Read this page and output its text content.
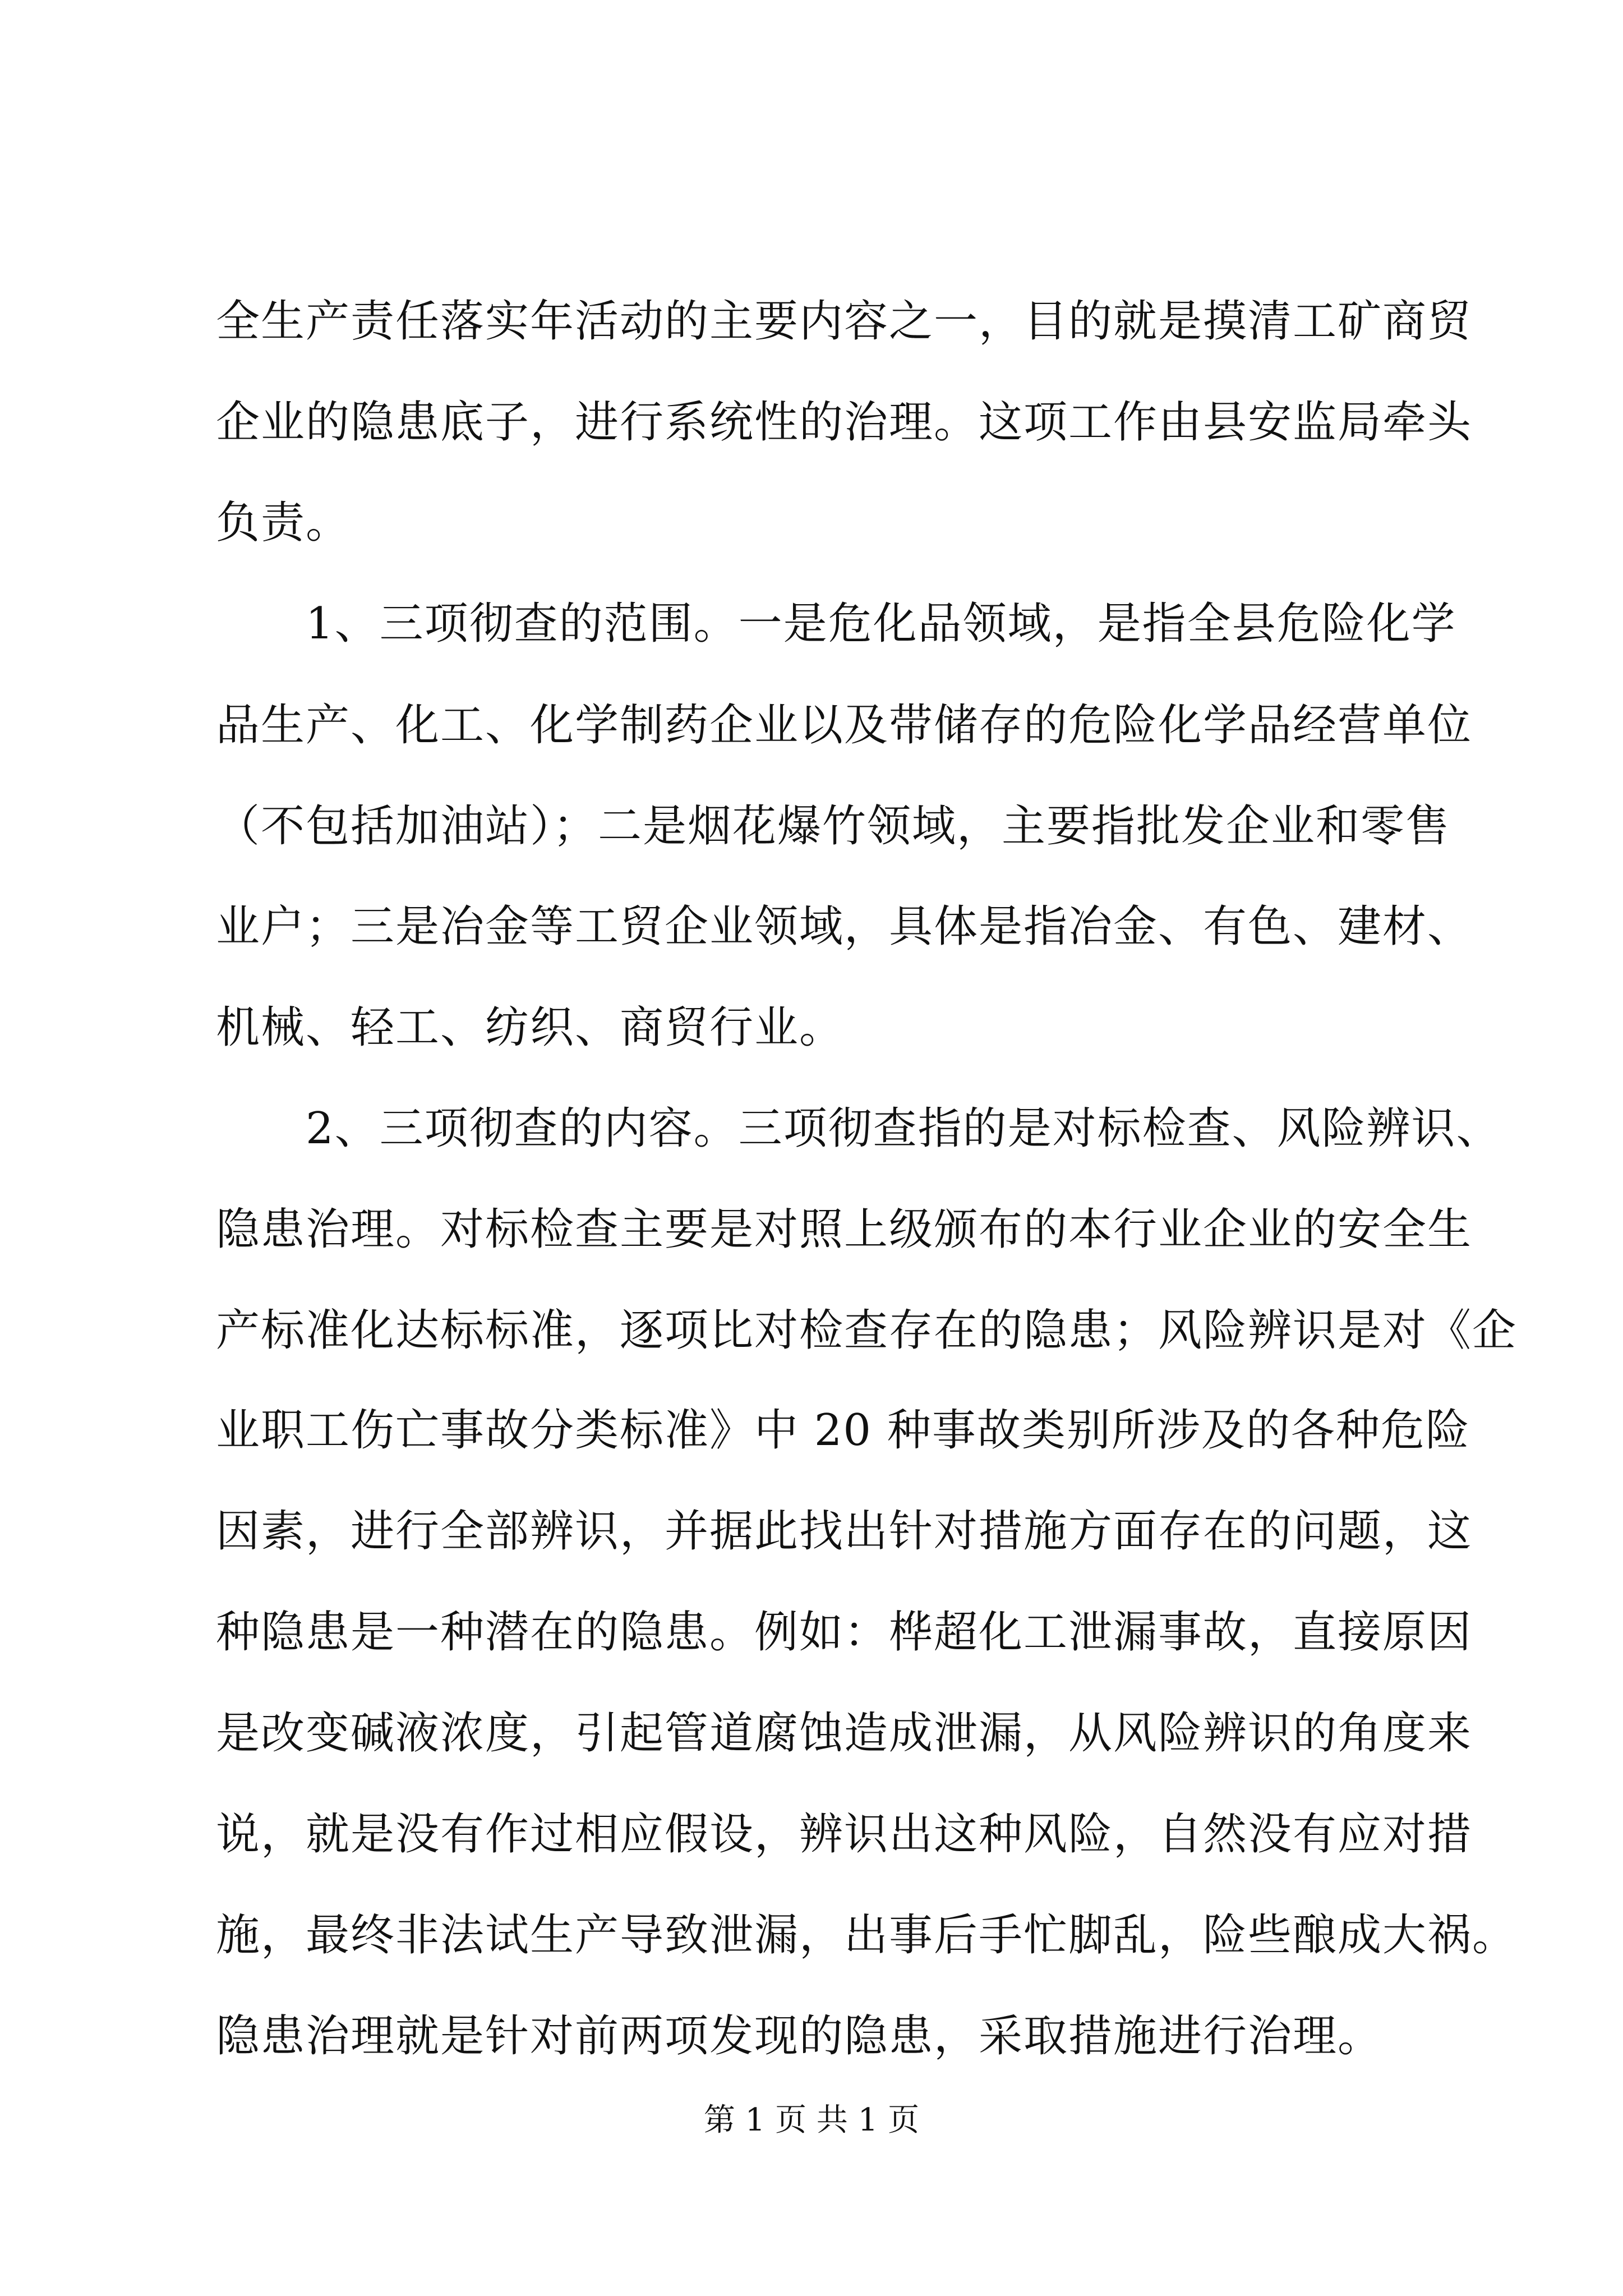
全生产责任落实年活动的主要内容之一，目的就是摸清工矿商贸
企业的隐患底子，进行系统性的治理。这项工作由县安监局牵头
负责。
1、三项彻查的范围。一是危化品领域，是指全县危险化学
品生产、化工、化学制药企业以及带储存的危险化学品经营单位
（不包括加油站）；二是烟花爆竹领域，主要指批发企业和零售
业户；三是冶金等工贸企业领域，具体是指冶金、有色、建材、
机械、轻工、纺织、商贸行业。
2、三项彻查的内容。三项彻查指的是对标检查、风险辨识、
隐患治理。对标检查主要是对照上级颁布的本行业企业的安全生
产标准化达标标准，逐项比对检查存在的隐患；风险辨识是对《企
业职工伤亡事故分类标准》中 20 种事故类别所涉及的各种危险
因素，进行全部辨识，并据此找出针对措施方面存在的问题，这
种隐患是一种潜在的隐患。例如：桦超化工泄漏事故，直接原因
是改变碱液浓度，引起管道腐蚀造成泄漏，从风险辨识的角度来
说，就是没有作过相应假设，辨识出这种风险，自然没有应对措
施，最终非法试生产导致泄漏，出事后手忙脚乱，险些酿成大祸。
隐患治理就是针对前两项发现的隐患，采取措施进行治理。
第 1 页 共 1 页
